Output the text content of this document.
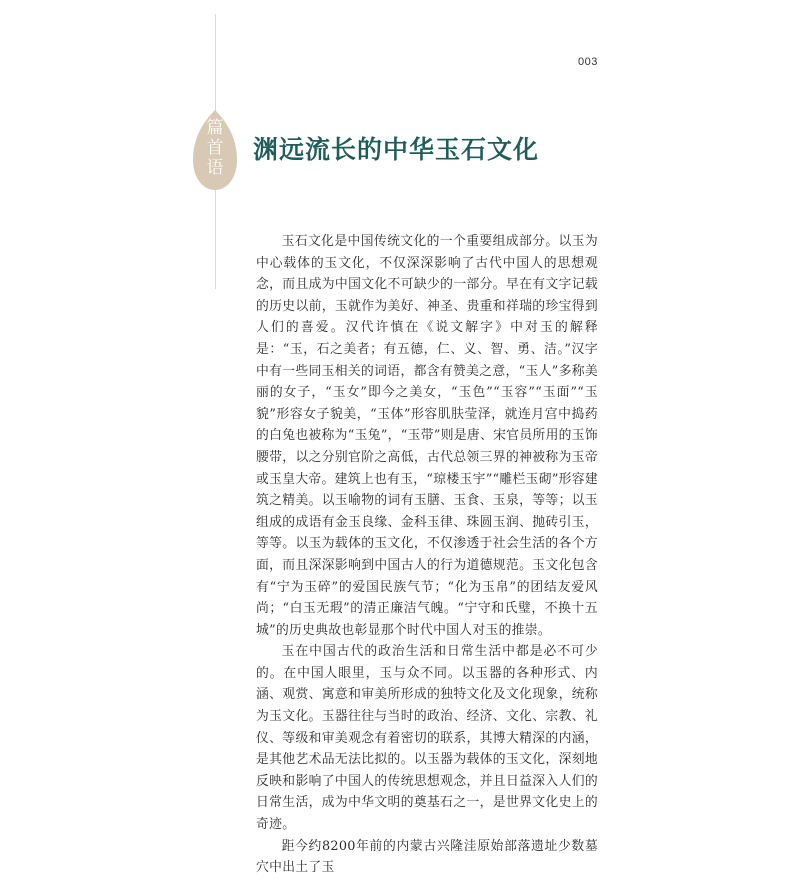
003
篇
首
语
渊远流长的中华玉石文化

玉石文化是中国传统文化的一个重要组成部分。以玉为中心载体的玉文化，不仅深深影响了古代中国人的思想观念，而且成为中国文化不可缺少的一部分。早在有文字记载的历史以前，玉就作为美好、神圣、贵重和祥瑞的珍宝得到人们的喜爱。汉代许慎在《说文解字》中对玉的解释是：“玉，石之美者；有五德，仁、义、智、勇、洁。”汉字中有一些同玉相关的词语，都含有赞美之意，“玉人”多称美丽的女子，“玉女”即今之美女，“玉色”“玉容”“玉面”“玉貌”形容女子貌美，“玉体”形容肌肤莹泽，就连月宫中捣药的白兔也被称为“玉兔”，“玉带”则是唐、宋官员所用的玉饰腰带，以之分别官阶之高低，古代总领三界的神被称为玉帝或玉皇大帝。建筑上也有玉，“琼楼玉宇”“雕栏玉砌”形容建筑之精美。以玉喻物的词有玉膳、玉食、玉泉，等等；以玉组成的成语有金玉良缘、金科玉律、珠圆玉润、抛砖引玉，等等。以玉为载体的玉文化，不仅渗透于社会生活的各个方面，而且深深影响到中国古人的行为道德规范。玉文化包含有“宁为玉碎”的爱国民族气节；“化为玉帛”的团结友爱风尚；“白玉无瑕”的清正廉洁气魄。“宁守和氏璧，不换十五城”的历史典故也彰显那个时代中国人对玉的推崇。

玉在中国古代的政治生活和日常生活中都是必不可少的。在中国人眼里，玉与众不同。以玉器的各种形式、内涵、观赏、寓意和审美所形成的独特文化及文化现象，统称为玉文化。玉器往往与当时的政治、经济、文化、宗教、礼仪、等级和审美观念有着密切的联系，其博大精深的内涵，是其他艺术品无法比拟的。以玉器为载体的玉文化，深刻地反映和影响了中国人的传统思想观念，并且日益深入人们的日常生活，成为中华文明的奠基石之一，是世界文化史上的奇迹。

距今约8200年前的内蒙古兴隆洼原始部落遗址少数墓穴中出土了玉
